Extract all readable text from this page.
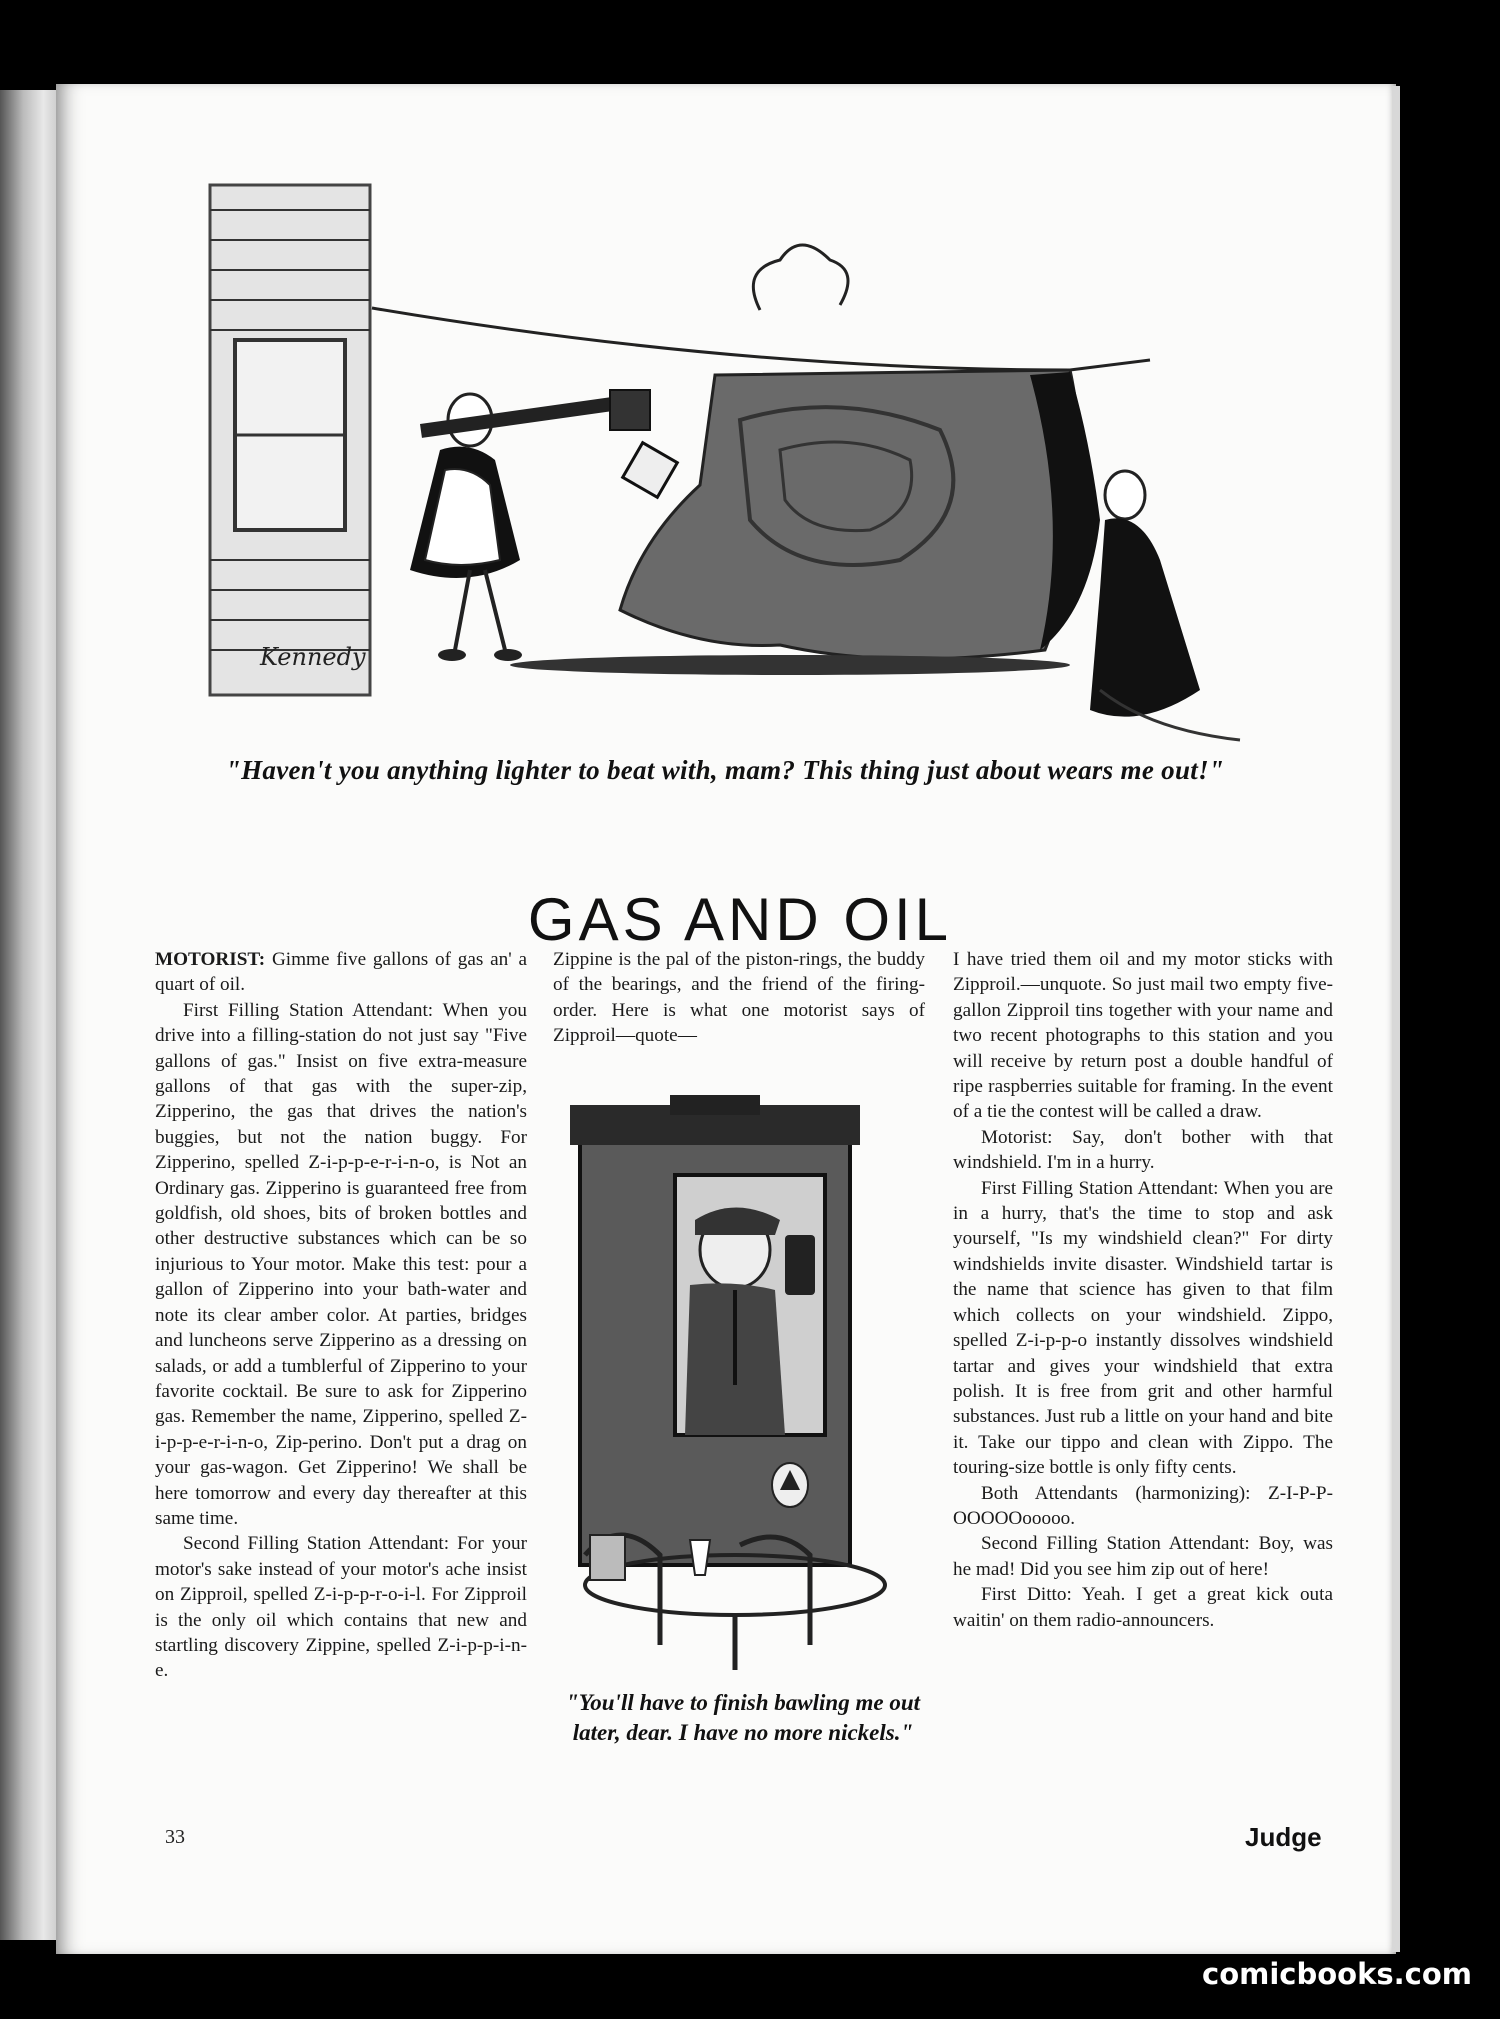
Kennedy
"Haven't you anything lighter to beat with, mam? This thing just about wears me out!"
GAS AND OIL

MOTORIST: Gimme five gallons of gas an' a quart of oil.

First Filling Station Attendant: When you drive into a filling-station do not just say "Five gallons of gas." Insist on five extra-measure gallons of that gas with the super-zip, Zipperino, the gas that drives the nation's buggies, but not the nation buggy. For Zipperino, spelled Z-i-p-p-e-r-i-n-o, is Not an Ordinary gas. Zipperino is guaranteed free from goldfish, old shoes, bits of broken bottles and other destructive substances which can be so injurious to Your motor. Make this test: pour a gallon of Zipperino into your bath-water and note its clear amber color. At parties, bridges and luncheons serve Zipperino as a dressing on salads, or add a tumblerful of Zipperino to your favorite cocktail. Be sure to ask for Zipperino gas. Remember the name, Zipperino, spelled Z-i-p-p-e-r-i-n-o, Zip-perino. Don't put a drag on your gas-wagon. Get Zipperino! We shall be here tomorrow and every day thereafter at this same time.

Second Filling Station Attendant: For your motor's sake instead of your motor's ache insist on Zipproil, spelled Z-i-p-p-r-o-i-l. For Zipproil is the only oil which contains that new and startling discovery Zippine, spelled Z-i-p-p-i-n-e.

Zippine is the pal of the piston-rings, the buddy of the bearings, and the friend of the firing-order. Here is what one motorist says of Zipproil—quote—

"You'll have to finish bawling me out later, dear. I have no more nickels."

I have tried them oil and my motor sticks with Zipproil.—unquote. So just mail two empty five-gallon Zipproil tins together with your name and two recent photographs to this station and you will receive by return post a double handful of ripe raspberries suitable for framing. In the event of a tie the contest will be called a draw.

Motorist: Say, don't bother with that windshield. I'm in a hurry.

First Filling Station Attendant: When you are in a hurry, that's the time to stop and ask yourself, "Is my windshield clean?" For dirty windshields invite disaster. Windshield tartar is the name that science has given to that film which collects on your windshield. Zippo, spelled Z-i-p-p-o instantly dissolves windshield tartar and gives your windshield that extra polish. It is free from grit and other harmful substances. Just rub a little on your hand and bite it. Take our tippo and clean with Zippo. The touring-size bottle is only fifty cents.

Both Attendants (harmonizing): Z-I-P-P-OOOOOooooo.

Second Filling Station Attendant: Boy, was he mad! Did you see him zip out of here!

First Ditto: Yeah. I get a great kick outa waitin' on them radio-announcers.

33	Judge
comicbooks.com
